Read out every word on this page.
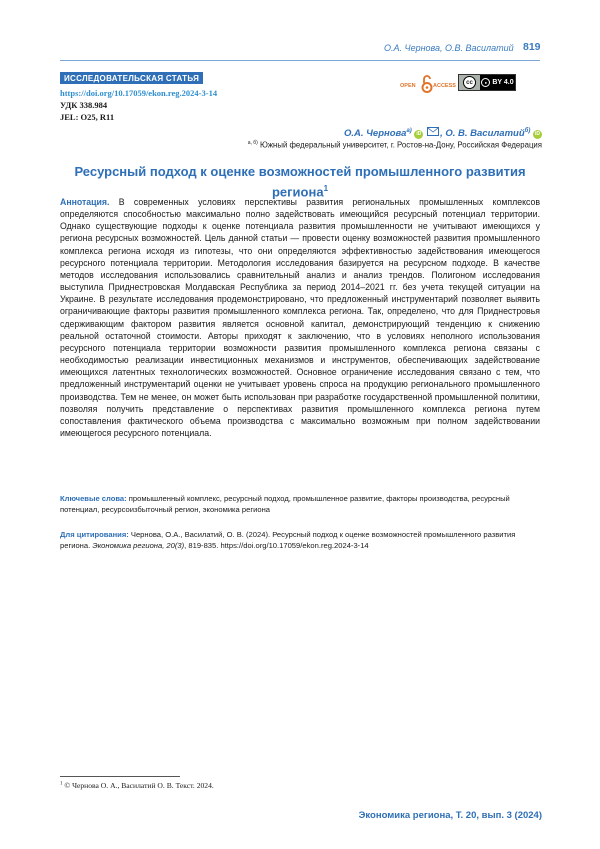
О.А. Чернова, О.В. Василатий 819
ИССЛЕДОВАТЕЛЬСКАЯ СТАТЬЯ
https://doi.org/10.17059/ekon.reg.2024-3-14
УДК 338.984
JEL: O25, R11
OPEN	ACCESS
cc	● BY 4.0
О.А. Чернова$^{а)}$ iD , О. В. Василатий$^{б)}$ iD
$^{а, б)}$ Южный федеральный университет, г. Ростов-на-Дону, Российская Федерация
Ресурсный подход к оценке возможностей промышленного развития региона$^1$
Аннотация. В современных условиях перспективы развития региональных промышленных комплексов определяются способностью максимально полно задействовать имеющийся ресурсный потенциал территории. Однако существующие подходы к оценке потенциала развития промышленности не учитывают имеющихся у региона ресурсных возможностей. Цель данной статьи — провести оценку возможностей развития промышленного комплекса региона исходя из гипотезы, что они определяются эффективностью задействования имеющегося ресурсного потенциала территории. Методология исследования базируется на ресурсном подходе. В качестве методов исследования использовались сравнительный анализ и анализ трендов. Полигоном исследования выступила Приднестровская Молдавская Республика за период 2014–2021 гг. без учета текущей ситуации на Украине. В результате исследования продемонстрировано, что предложенный инструментарий позволяет выявить ограничивающие факторы развития промышленного комплекса региона. Так, определено, что для Приднестровья сдерживающим фактором развития является основной капитал, демонстрирующий тенденцию к снижению реальной остаточной стоимости. Авторы приходят к заключению, что в условиях неполного использования ресурсного потенциала территории возможности развития промышленного комплекса региона связаны с необходимостью реализации инвестиционных механизмов и инструментов, обеспечивающих задействование имеющихся латентных технологических возможностей. Основное ограничение исследования связано с тем, что предложенный инструментарий оценки не учитывает уровень спроса на продукцию регионального промышленного производства. Тем не менее, он может быть использован при разработке государственной промышленной политики, позволяя получить представление о перспективах развития промышленного комплекса региона путем сопоставления фактического объема производства с максимально возможным при полном задействовании имеющегося ресурсного потенциала.
Ключевые слова: промышленный комплекс, ресурсный подход, промышленное развитие, факторы производства, ресурсный потенциал, ресурсоизбыточный регион, экономика региона
Для цитирования: Чернова, О.А., Василатий, О. В. (2024). Ресурсный подход к оценке возможностей промышленного развития региона. Экономика региона, 20(3), 819-835. https://doi.org/10.17059/ekon.reg.2024-3-14
$^1$ © Чернова О. А., Василатий О. В. Текст. 2024.
Экономика региона, Т. 20, вып. 3 (2024)
